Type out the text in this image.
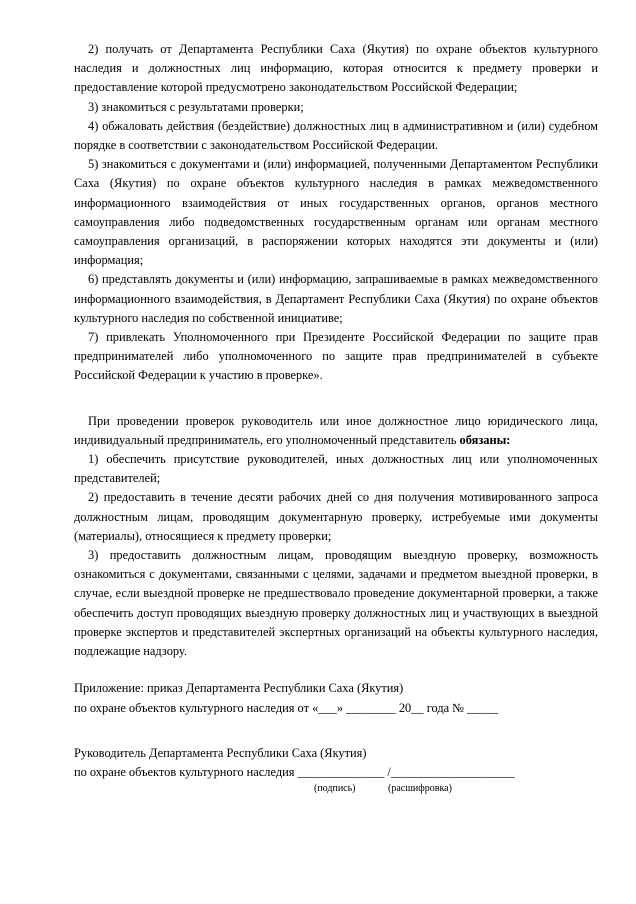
2) получать от Департамента Республики Саха (Якутия) по охране объектов культурного наследия и должностных лиц информацию, которая относится к предмету проверки и предоставление которой предусмотрено законодательством Российской Федерации;

3) знакомиться с результатами проверки;

4) обжаловать действия (бездействие) должностных лиц в административном и (или) судебном порядке в соответствии с законодательством Российской Федерации.

5) знакомиться с документами и (или) информацией, полученными Департаментом Республики Саха (Якутия) по охране объектов культурного наследия в рамках межведомственного информационного взаимодействия от иных государственных органов, органов местного самоуправления либо подведомственных государственным органам или органам местного самоуправления организаций, в распоряжении которых находятся эти документы и (или) информация;

6) представлять документы и (или) информацию, запрашиваемые в рамках межведомственного информационного взаимодействия, в Департамент Республики Саха (Якутия) по охране объектов культурного наследия по собственной инициативе;

7) привлекать Уполномоченного при Президенте Российской Федерации по защите прав предпринимателей либо уполномоченного по защите прав предпринимателей в субъекте Российской Федерации к участию в проверке».

При проведении проверок руководитель или иное должностное лицо юридического лица, индивидуальный предприниматель, его уполномоченный представитель обязаны:

1) обеспечить присутствие руководителей, иных должностных лиц или уполномоченных представителей;

2) предоставить в течение десяти рабочих дней со дня получения мотивированного запроса должностным лицам, проводящим документарную проверку, истребуемые ими документы (материалы), относящиеся к предмету проверки;

3) предоставить должностным лицам, проводящим выездную проверку, возможность ознакомиться с документами, связанными с целями, задачами и предметом выездной проверки, в случае, если выездной проверке не предшествовало проведение документарной проверки, а также обеспечить доступ проводящих выездную проверку должностных лиц и участвующих в выездной проверке экспертов и представителей экспертных организаций на объекты культурного наследия, подлежащие надзору.

Приложение: приказ Департамента Республики Саха (Якутия)

по охране объектов культурного наследия от «___» ________ 20__ года № _____

Руководитель Департамента Республики Саха (Якутия)

по охране объектов культурного наследия ______________ /____________________

(подпись)	(расшифровка)
